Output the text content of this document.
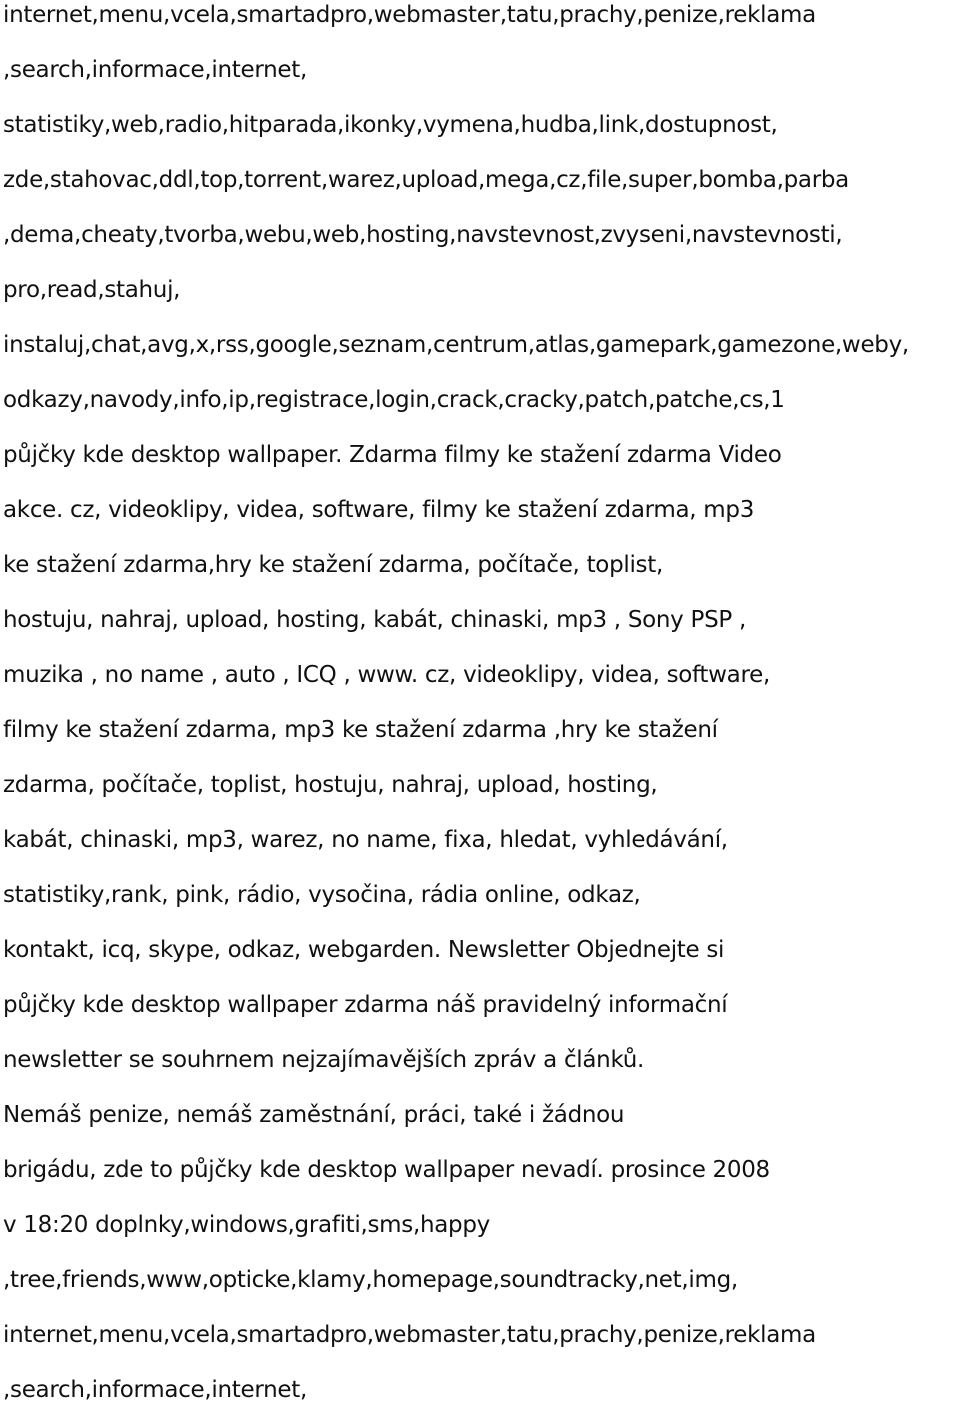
internet,menu,vcela,smartadpro,webmaster,tatu,prachy,penize,reklama
,search,informace,internet,
statistiky,web,radio,hitparada,ikonky,vymena,hudba,link,dostupnost,
zde,stahovac,ddl,top,torrent,warez,upload,mega,cz,file,super,bomba,parba
,dema,cheaty,tvorba,webu,web,hosting,navstevnost,zvyseni,navstevnosti,
pro,read,stahuj,
instaluj,chat,avg,x,rss,google,seznam,centrum,atlas,gamepark,gamezone,weby,
odkazy,navody,info,ip,registrace,login,crack,cracky,patch,patche,cs,1
půjčky kde desktop wallpaper. Zdarma filmy ke stažení zdarma Video
akce. cz, videoklipy, videa, software, filmy ke stažení zdarma, mp3
ke stažení zdarma,hry ke stažení zdarma, počítače, toplist,
hostuju, nahraj, upload, hosting, kabát, chinaski, mp3 , Sony PSP ,
muzika , no name , auto , ICQ , www. cz, videoklipy, videa, software,
filmy ke stažení zdarma, mp3 ke stažení zdarma ,hry ke stažení
zdarma, počítače, toplist, hostuju, nahraj, upload, hosting,
kabát, chinaski, mp3, warez, no name, fixa, hledat, vyhledávání,
statistiky,rank, pink, rádio, vysočina, rádia online, odkaz,
kontakt, icq, skype, odkaz, webgarden. Newsletter Objednejte si
půjčky kde desktop wallpaper zdarma náš pravidelný informační
newsletter se souhrnem nejzajímavějších zpráv a článků.
Nemáš penize, nemáš zaměstnání, práci, také i žádnou
brigádu, zde to půjčky kde desktop wallpaper nevadí. prosince 2008
v 18:20 doplnky,windows,grafiti,sms,happy
,tree,friends,www,opticke,klamy,homepage,soundtracky,net,img,
internet,menu,vcela,smartadpro,webmaster,tatu,prachy,penize,reklama
,search,informace,internet,
